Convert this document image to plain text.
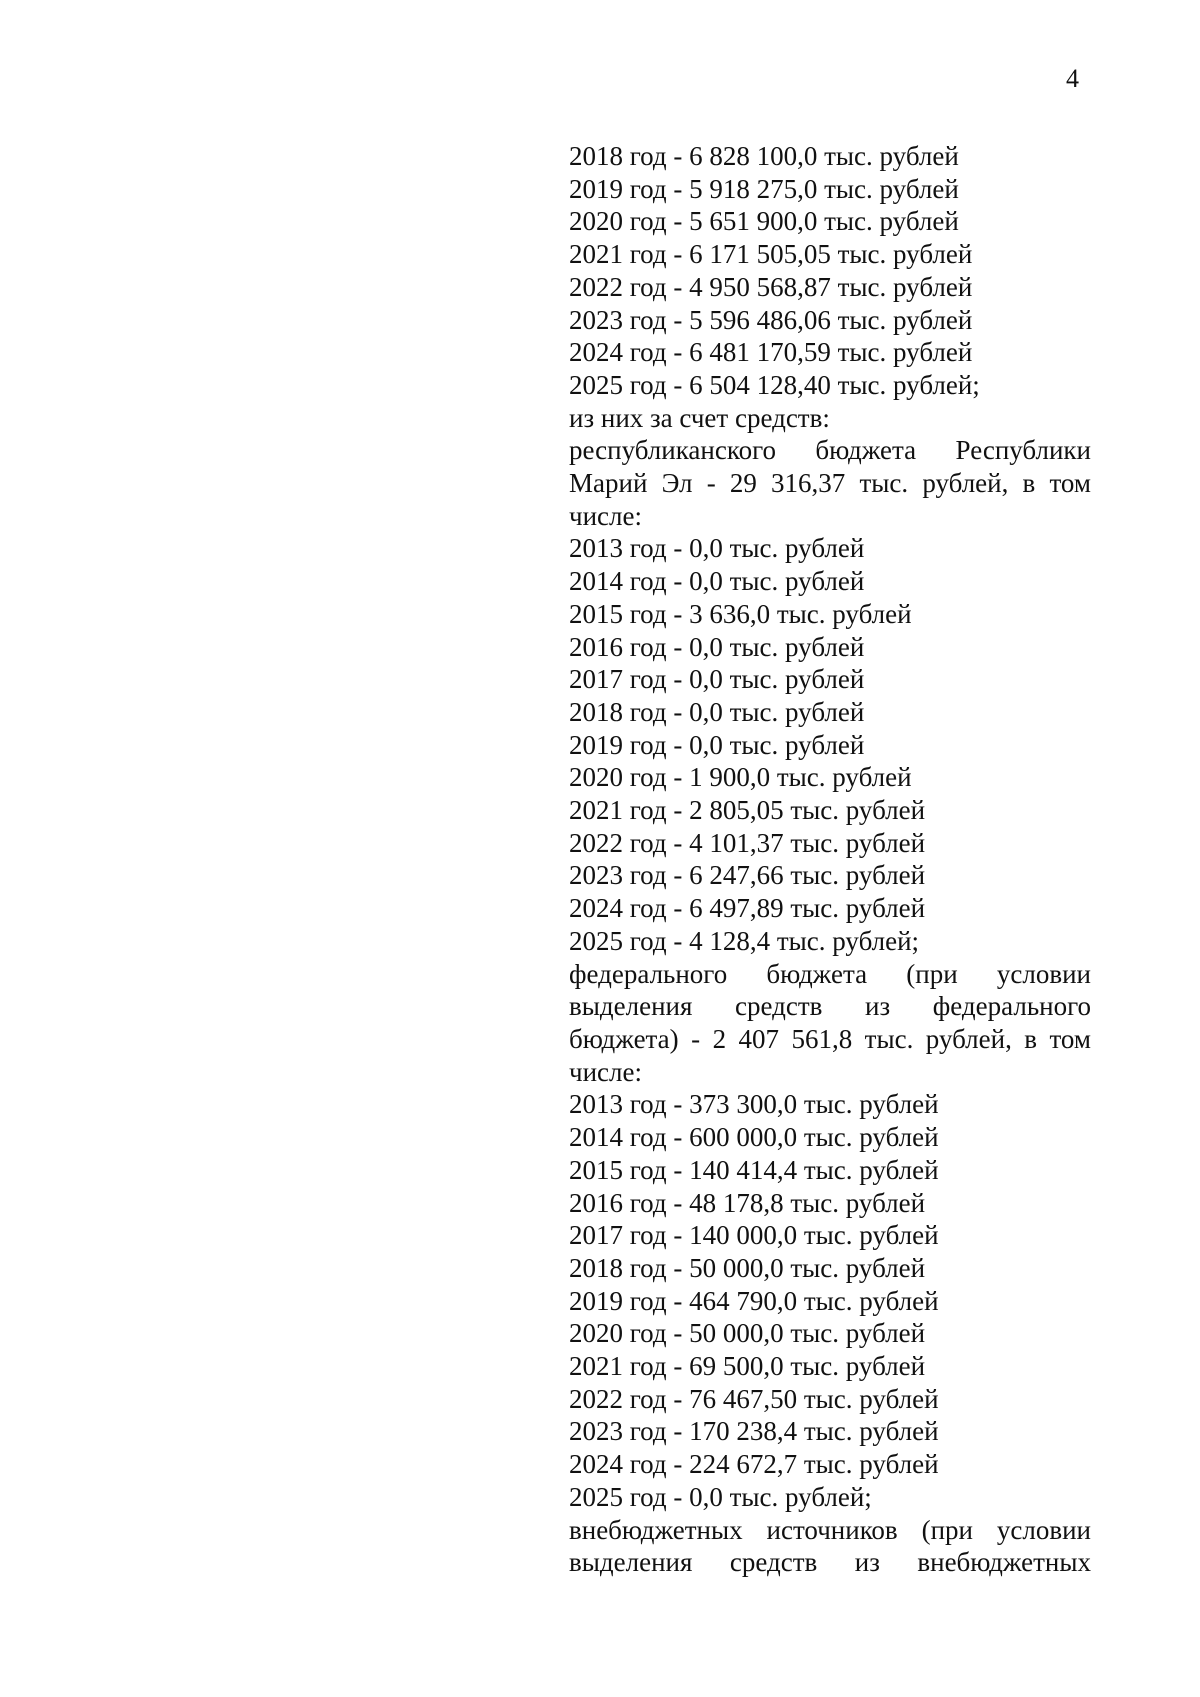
4
2018 год - 6 828 100,0 тыс. рублей
2019 год - 5 918 275,0 тыс. рублей
2020 год - 5 651 900,0 тыс. рублей
2021 год - 6 171 505,05 тыс. рублей
2022 год - 4 950 568,87 тыс. рублей
2023 год - 5 596 486,06 тыс. рублей
2024 год - 6 481 170,59 тыс. рублей
2025 год - 6 504 128,40 тыс. рублей;
из них за счет средств:
республиканского бюджета Республики
Марий Эл - 29 316,37 тыс. рублей, в том
числе:
2013 год - 0,0 тыс. рублей
2014 год - 0,0 тыс. рублей
2015 год - 3 636,0 тыс. рублей
2016 год - 0,0 тыс. рублей
2017 год - 0,0 тыс. рублей
2018 год - 0,0 тыс. рублей
2019 год - 0,0 тыс. рублей
2020 год - 1 900,0 тыс. рублей
2021 год - 2 805,05 тыс. рублей
2022 год - 4 101,37 тыс. рублей
2023 год - 6 247,66 тыс. рублей
2024 год - 6 497,89 тыс. рублей
2025 год - 4 128,4 тыс. рублей;
федерального бюджета (при условии
выделения средств из федерального
бюджета) - 2 407 561,8 тыс. рублей, в том
числе:
2013 год - 373 300,0 тыс. рублей
2014 год - 600 000,0 тыс. рублей
2015 год - 140 414,4 тыс. рублей
2016 год - 48 178,8 тыс. рублей
2017 год - 140 000,0 тыс. рублей
2018 год - 50 000,0 тыс. рублей
2019 год - 464 790,0 тыс. рублей
2020 год - 50 000,0 тыс. рублей
2021 год - 69 500,0 тыс. рублей
2022 год - 76 467,50 тыс. рублей
2023 год - 170 238,4 тыс. рублей
2024 год - 224 672,7 тыс. рублей
2025 год - 0,0 тыс. рублей;
внебюджетных источников (при условии
выделения средств из внебюджетных
